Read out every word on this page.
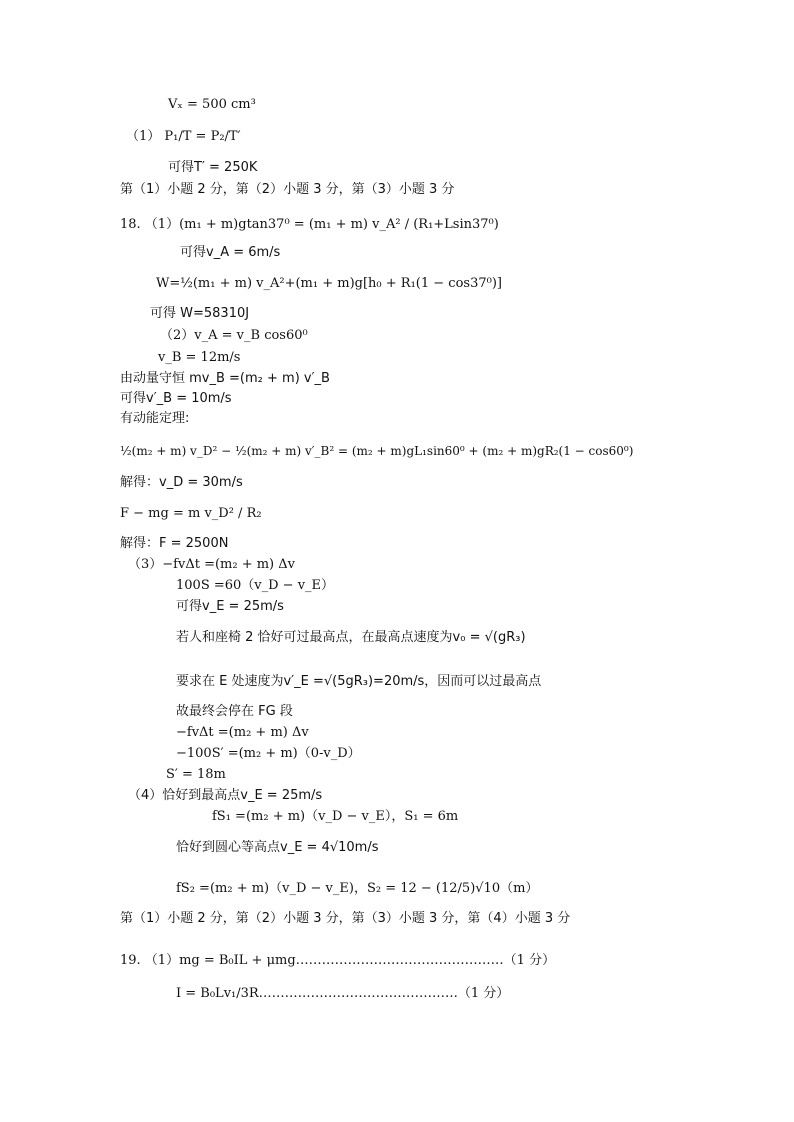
Vₓ = 500 cm³
（1） P₁/T = P₂/T′
可得T′ = 250K
第（1）小题 2 分，第（2）小题 3 分，第（3）小题 3 分
18. （1）(m₁ + m)gtan37⁰ = (m₁ + m) v_A² / (R₁+Lsin37⁰)
可得v_A = 6m/s
W=½(m₁ + m) v_A²+(m₁ + m)g[h₀ + R₁(1 − cos37⁰)]
可得 W=58310J
（2）v_A = v_B cos60⁰
v_B = 12m/s
由动量守恒 mv_B =(m₂ + m) v′_B
可得v′_B = 10m/s
有动能定理:
½(m₂ + m) v_D² − ½(m₂ + m) v′_B² = (m₂ + m)gL₁sin60⁰ + (m₂ + m)gR₂(1 − cos60⁰)
解得：v_D = 30m/s
F − mg = m v_D² / R₂
解得：F = 2500N
（3）−fvΔt =(m₂ + m) Δv
100S =60（v_D − v_E）
可得v_E = 25m/s
若人和座椅 2 恰好可过最高点，在最高点速度为v₀ = √(gR₃)
要求在 E 处速度为v′_E =√(5gR₃)=20m/s，因而可以过最高点
故最终会停在 FG 段
−fvΔt =(m₂ + m) Δv
−100S′ =(m₂ + m)（0-v_D）
S′ = 18m
（4）恰好到最高点v_E = 25m/s
fS₁ =(m₂ + m)（v_D − v_E），S₁ = 6m
恰好到圆心等高点v_E = 4√10m/s
fS₂ =(m₂ + m)（v_D − v_E)，S₂ = 12 − (12/5)√10（m）
第（1）小题 2 分，第（2）小题 3 分，第（3）小题 3 分，第（4）小题 3 分
19. （1）mg = B₀IL + μmg…………………………………………（1 分）
I = B₀Lv₁/3R……………………………………….（1 分）
